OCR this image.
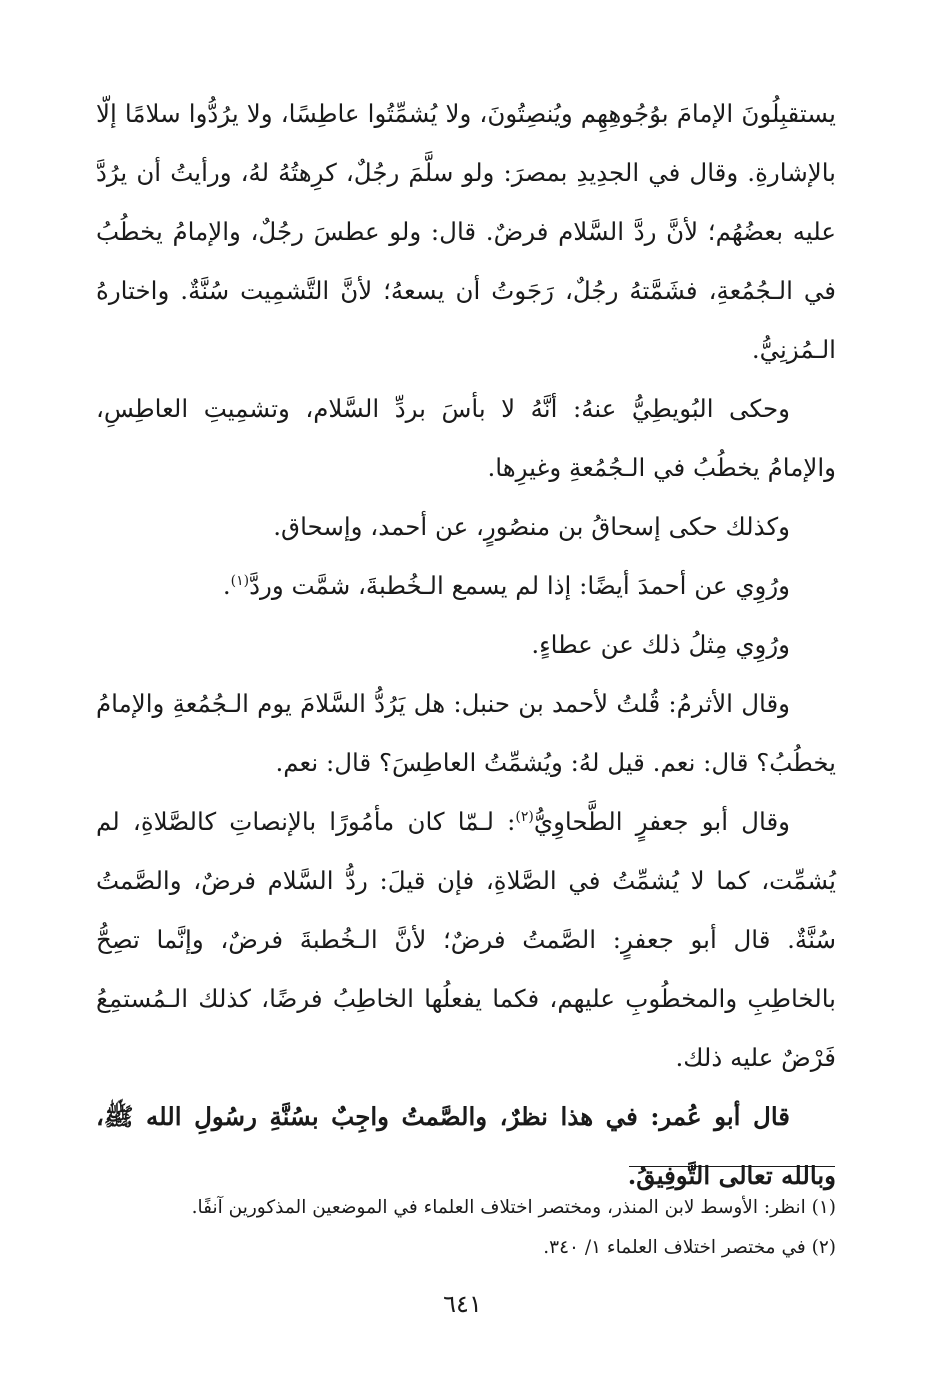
يستقبِلُونَ الإمامَ بوُجُوهِهِم ويُنصِتُونَ، ولا يُشمِّتُوا عاطِسًا، ولا يرُدُّوا سلامًا إلّا بالإشارةِ. وقال في الجدِيدِ بمصرَ: ولو سلَّمَ رجُلٌ، كرِهتُهُ لهُ، ورأيتُ أن يرُدَّ عليه بعضُهُم؛ لأنَّ ردَّ السَّلام فرضٌ. قال: ولو عطسَ رجُلٌ، والإمامُ يخطُبُ في الـجُمُعةِ، فشَمَّتهُ رجُلٌ، رَجَوتُ أن يسعهُ؛ لأنَّ التَّشمِيت سُنَّةٌ. واختارهُ الـمُزنِيُّ.

وحكى البُويطِيُّ عنهُ: أنَّهُ لا بأسَ بردِّ السَّلام، وتشمِيتِ العاطِسِ، والإمامُ يخطُبُ في الـجُمُعةِ وغيرِها.

وكذلك حكى إسحاقُ بن منصُورٍ، عن أحمد، وإسحاق.

ورُوِي عن أحمدَ أيضًا: إذا لم يسمع الـخُطبةَ، شمَّت وردَّ$^{(١)}$.

ورُوِي مِثلُ ذلك عن عطاءٍ.

وقال الأثرمُ: قُلتُ لأحمد بن حنبل: هل يَرُدُّ السَّلامَ يوم الـجُمُعةِ والإمامُ يخطُبُ؟ قال: نعم. قيل لهُ: ويُشمِّتُ العاطِسَ؟ قال: نعم.

وقال أبو جعفرٍ الطَّحاوِيُّ$^{(٢)}$: لـمّا كان مأمُورًا بالإنصاتِ كالصَّلاةِ، لم يُشمِّت، كما لا يُشمِّتُ في الصَّلاةِ، فإن قيلَ: ردُّ السَّلام فرضٌ، والصَّمتُ سُنَّةٌ. قال أبو جعفرٍ: الصَّمتُ فرضٌ؛ لأنَّ الـخُطبةَ فرضٌ، وإنَّما تصِحُّ بالخاطِبِ والمخطُوبِ عليهم، فكما يفعلُها الخاطِبُ فرضًا، كذلك الـمُستمِعُ فَرْضٌ عليه ذلك.

قال أبو عُمر: في هذا نظرٌ، والصَّمتُ واجِبٌ بسُنَّةِ رسُولِ الله ﷺ، وبالله تعالى التَّوفِيقُ.

(١) انظر: الأوسط لابن المنذر، ومختصر اختلاف العلماء في الموضعين المذكورين آنفًا.

(٢) في مختصر اختلاف العلماء ١/ ٣٤٠.

٦٤١
